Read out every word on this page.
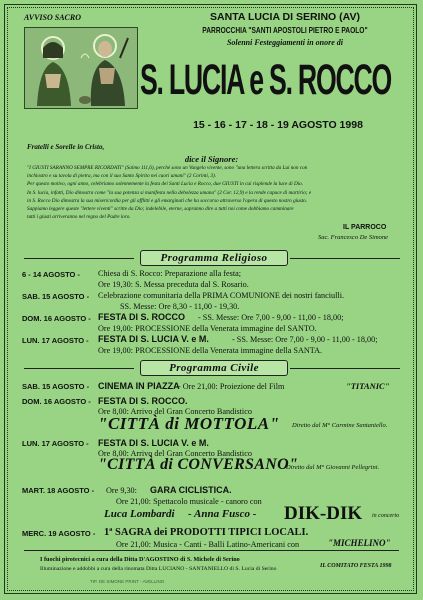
AVVISO SACRO	SANTA LUCIA DI SERINO (AV)
PARROCCHIA "SANTI APOSTOLI PIETRO E PAOLO"
Solenni Festeggiamenti in onore di
S. LUCIA e S. ROCCO
15 - 16 - 17 - 18 - 19 AGOSTO 1998
Fratelli e Sorelle in Cristo,
dice il Signore:
"I GIUSTI SARANNO SEMPRE RICORDATI" (Salmo 111,6), perché sono un Vangelo vivente, sono "una lettera scritta da Lui non con
inchiostro e su tavola di pietra, ma con il suo Santo Spirito nei cuori umani" (2 Corinti, 3).
Per questo motivo, ogni anno, celebriamo solennemente la festa dei Santi Lucia e Rocco, due GIUSTI in cui risplende la luce di Dio.
In S. lucia, infatti, Dio dimostra come "la sua potenza si manifesta nella debolezza umana" (2 Cor. 12,9) e la rende capace di martirio; e
in S. Rocco Dio dimostra la sua misericordia per gli afflitti e gli emarginati che ha soccorso attraverso l'opera di questo nostro giusto.
Sappiamo leggere queste "lettere viventi" scritte da Dio; indelebile, eterne, sapranno dire a tutti noi come dobbiamo camminare
tutti i giusti arriveranno nel regno del Padre loro.
IL PARROCO
Sac. Francesco De Simone
Programma Religioso
6 - 14 AGOSTO - Chiesa di S. Rocco: Preparazione alla festa;
Ore 19,30: S. Messa preceduta dal S. Rosario.
SAB. 15 AGOSTO - Celebrazione comunitaria della PRIMA COMUNIONE dei nostri fanciulli.
SS. Messe: Ore 8,30 - 11,00 - 19,30.
DOM. 16 AGOSTO - FESTA DI S. ROCCO - SS. Messe: Ore 7,00 - 9,00 - 11,00 - 18,00;
Ore 19,00: PROCESSIONE della Venerata immagine del SANTO.
LUN. 17 AGOSTO - FESTA DI S. LUCIA V. e M.	- SS. Messe: Ore 7,00 - 9,00 - 11,00 - 18,00;
Ore 19,00: PROCESSIONE della Venerata immagine della SANTA.
Programma Civile
SAB. 15 AGOSTO - CINEMA IN PIAZZA
- Ore 21,00: Proiezione del Film	"TITANIC"
DOM. 16 AGOSTO - FESTA DI S. ROCCO.
Ore 8,00: Arrivo del Gran Concerto Bandistico
"CITTÀ di MOTTOLA" Diretto dal M° Carmine Santaniello.
LUN. 17 AGOSTO - FESTA DI S. LUCIA V. e M.
Ore 8,00: Arrivo del Gran Concerto Bandistico
"CITTÀ di CONVERSANO"
Diretto dal M° Giovanni Pellegrini.
MART. 18 AGOSTO - Ore 9,30: GARA CICLISTICA.
Ore 21,00: Spettacolo musicale - canoro con
Luca Lombardi - Anna Fusco - DIK-DIK in concerto
MERC. 19 AGOSTO - 1ª SAGRA dei PRODOTTI TIPICI LOCALI.
Ore 21,00: Musica - Canti - Balli Latino-Americani con	"MICHELINO"
I fuochi pirotecnici a cura della Ditta D'AGOSTINO di S. Michele di Serino
Illuminazione e addobbi a cura della rinomata Ditta LUCIANO - SANTANIELLO di S. Lucia di Serino	IL COMITATO FESTA 1998
TIP. DE SIMONE PRINT - AVELLINO
